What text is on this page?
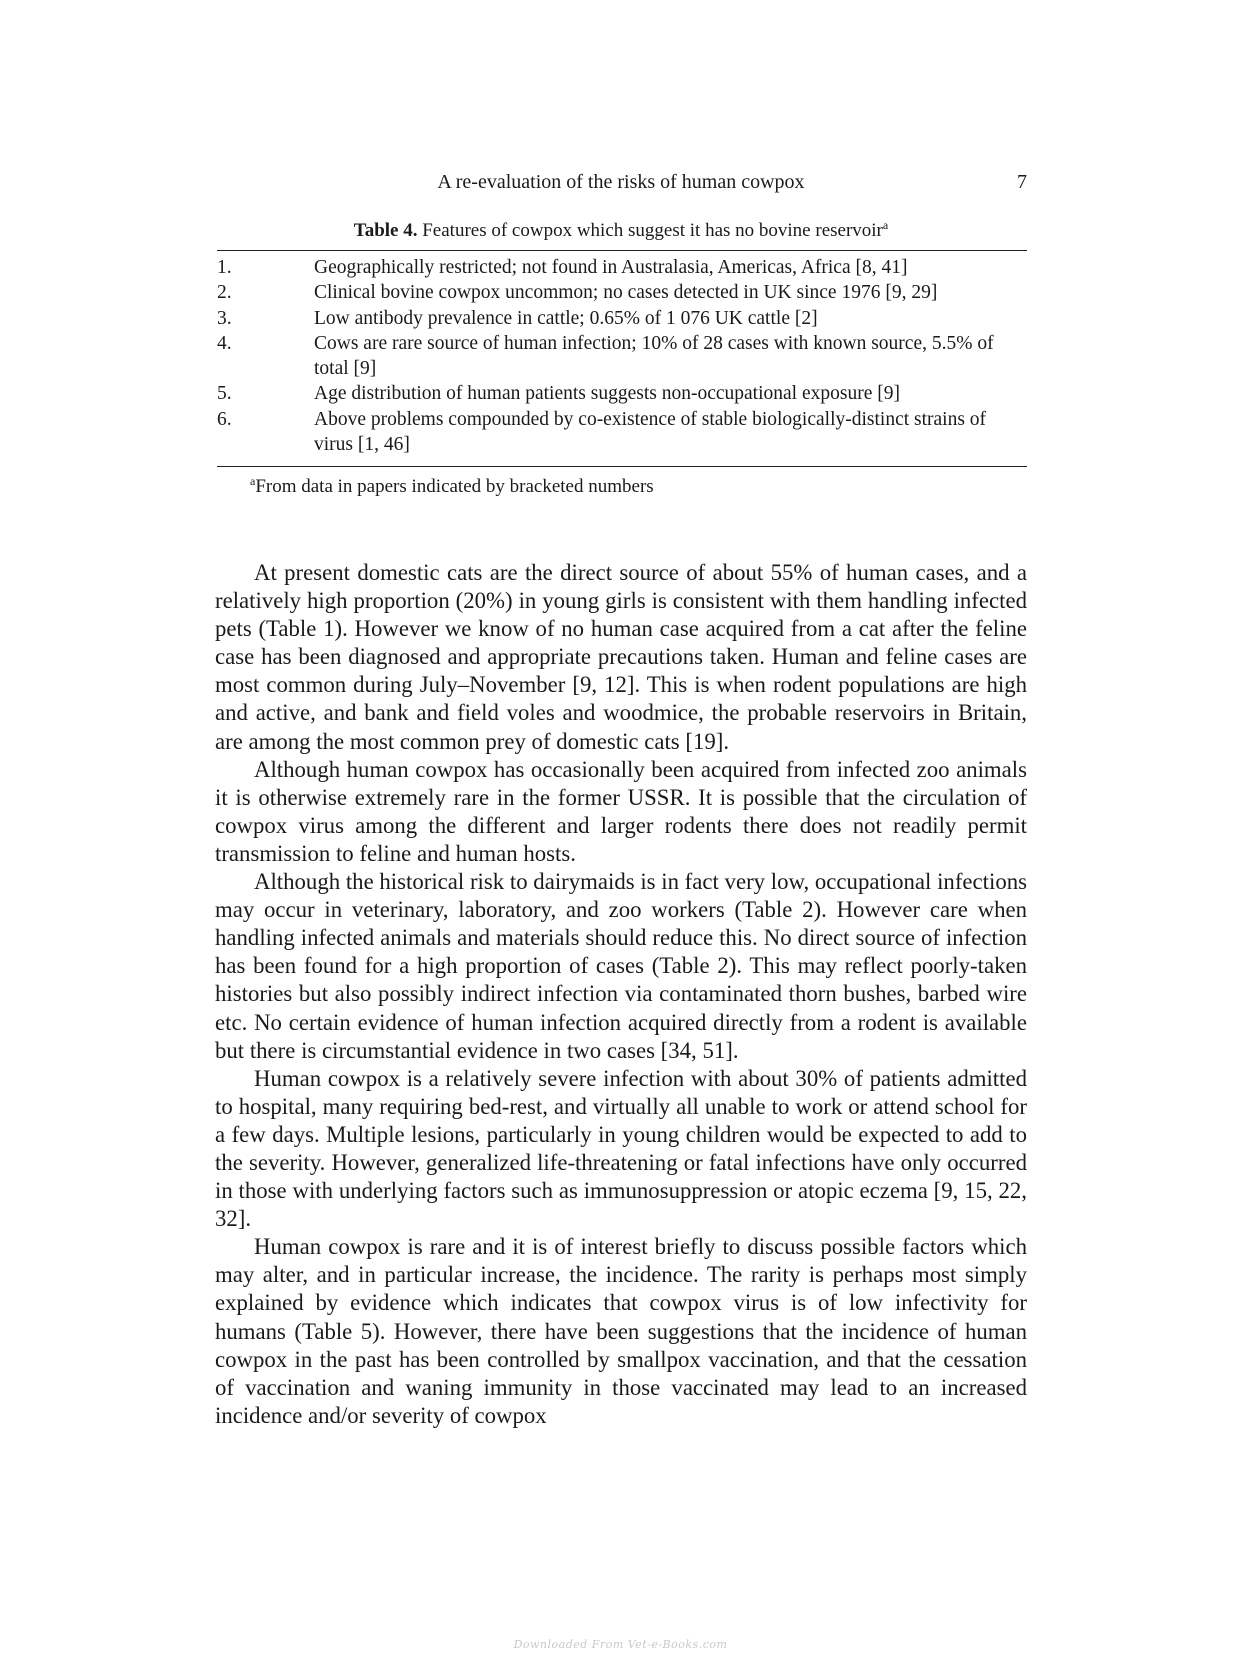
A re-evaluation of the risks of human cowpox	7
Table 4. Features of cowpox which suggest it has no bovine reservoir$^a$
1.	Geographically restricted; not found in Australasia, Americas, Africa [8, 41]
2.	Clinical bovine cowpox uncommon; no cases detected in UK since 1976 [9, 29]
3.	Low antibody prevalence in cattle; 0.65% of 1 076 UK cattle [2]
4.	Cows are rare source of human infection; 10% of 28 cases with known source, 5.5% of total [9]
5.	Age distribution of human patients suggests non-occupational exposure [9]
6.	Above problems compounded by co-existence of stable biologically-distinct strains of virus [1, 46]
$^a$From data in papers indicated by bracketed numbers

At present domestic cats are the direct source of about 55% of human cases, and a relatively high proportion (20%) in young girls is consistent with them handling infected pets (Table 1). However we know of no human case acquired from a cat after the feline case has been diagnosed and appropriate precautions taken. Human and feline cases are most common during July–November [9, 12]. This is when rodent populations are high and active, and bank and field voles and woodmice, the probable reservoirs in Britain, are among the most common prey of domestic cats [19].

Although human cowpox has occasionally been acquired from infected zoo animals it is otherwise extremely rare in the former USSR. It is possible that the circulation of cowpox virus among the different and larger rodents there does not readily permit transmission to feline and human hosts.

Although the historical risk to dairymaids is in fact very low, occupational infections may occur in veterinary, laboratory, and zoo workers (Table 2). However care when handling infected animals and materials should reduce this. No direct source of infection has been found for a high proportion of cases (Table 2). This may reflect poorly-taken histories but also possibly indirect infection via contaminated thorn bushes, barbed wire etc. No certain evidence of human infection acquired directly from a rodent is available but there is circumstantial evidence in two cases [34, 51].

Human cowpox is a relatively severe infection with about 30% of patients admitted to hospital, many requiring bed-rest, and virtually all unable to work or attend school for a few days. Multiple lesions, particularly in young children would be expected to add to the severity. However, generalized life-threatening or fatal infections have only occurred in those with underlying factors such as immunosuppression or atopic eczema [9, 15, 22, 32].

Human cowpox is rare and it is of interest briefly to discuss possible factors which may alter, and in particular increase, the incidence. The rarity is perhaps most simply explained by evidence which indicates that cowpox virus is of low infectivity for humans (Table 5). However, there have been suggestions that the incidence of human cowpox in the past has been controlled by smallpox vaccination, and that the cessation of vaccination and waning immunity in those vaccinated may lead to an increased incidence and/or severity of cowpox

Downloaded From Vet-e-Books.com
